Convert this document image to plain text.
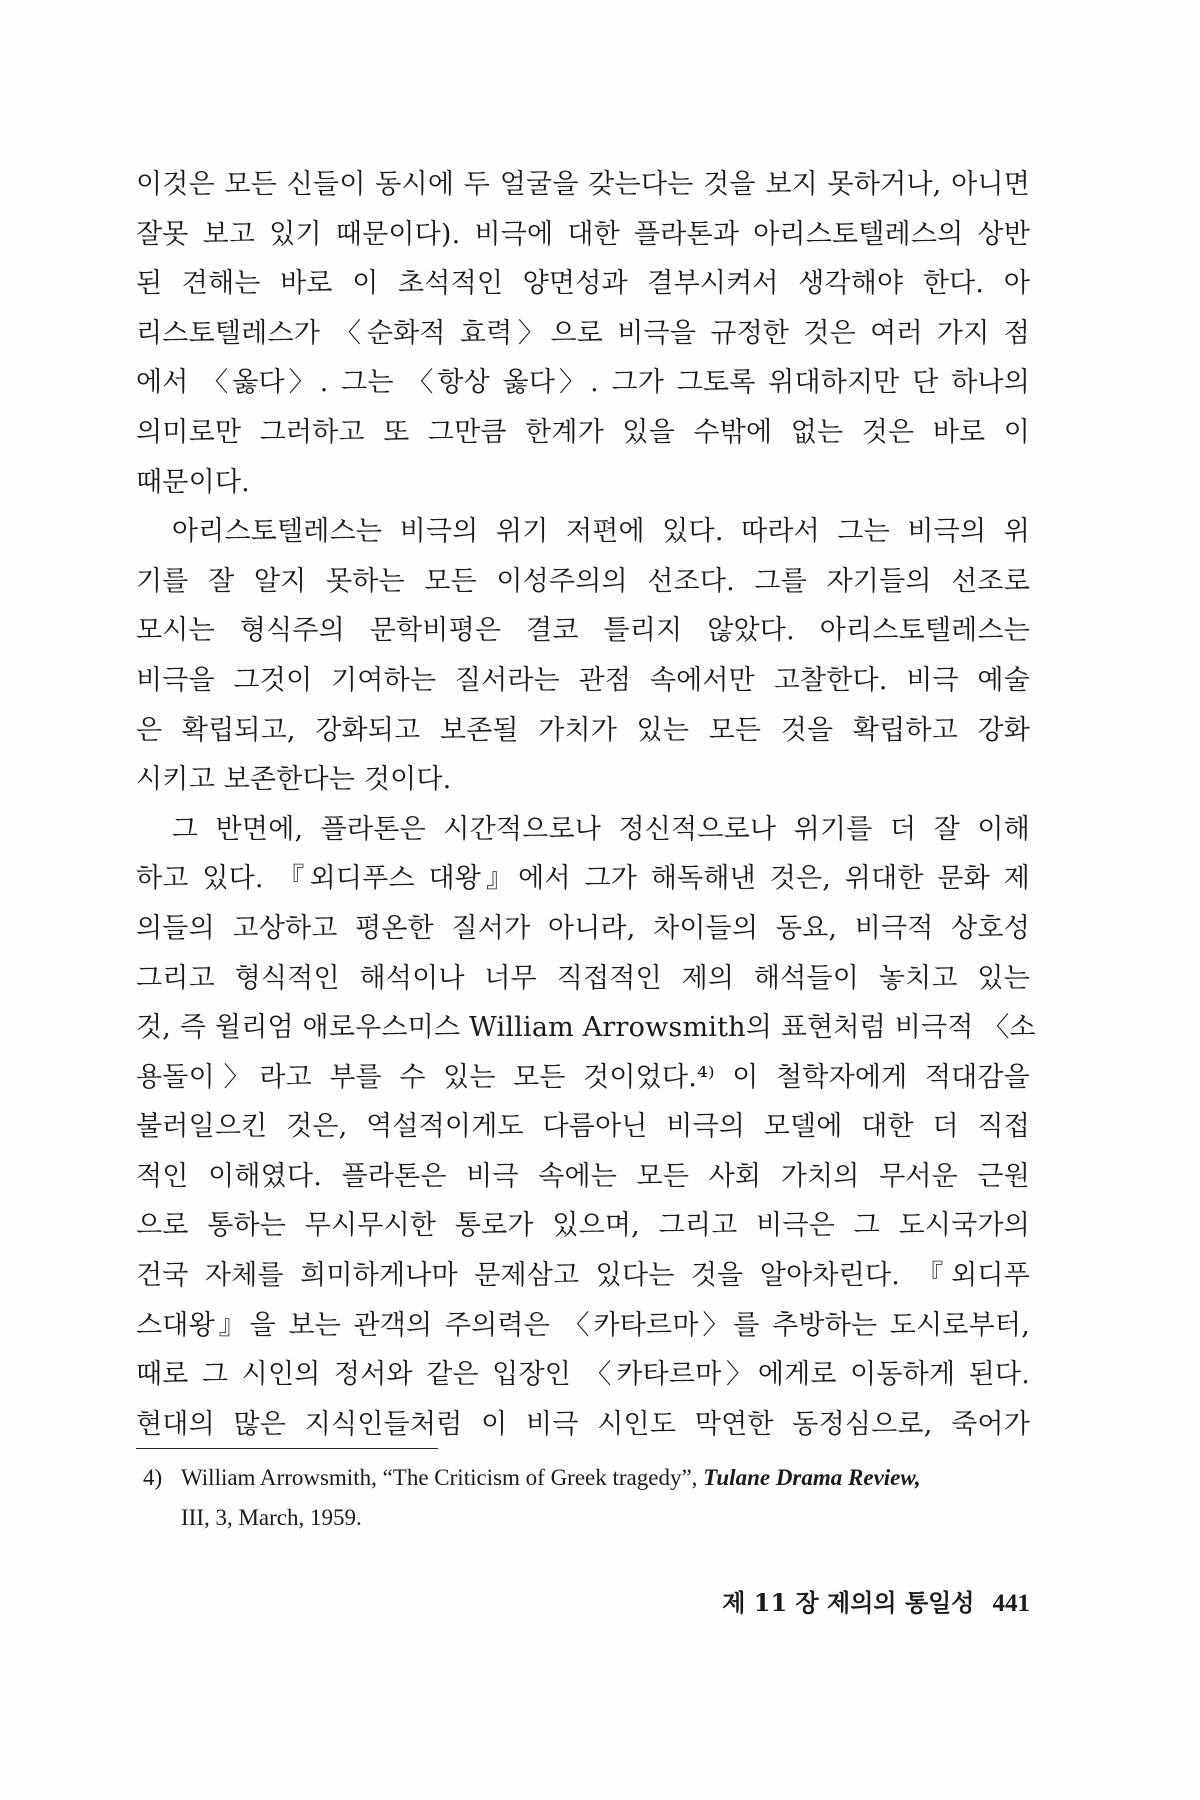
이것은 모든 신들이 동시에 두 얼굴을 갖는다는 것을 보지 못하거나, 아니면
잘못 보고 있기 때문이다). 비극에 대한 플라톤과 아리스토텔레스의 상반
된 견해는 바로 이 초석적인 양면성과 결부시켜서 생각해야 한다. 아
리스토텔레스가 〈순화적 효력〉으로 비극을 규정한 것은 여러 가지 점
에서 〈옳다〉. 그는 〈항상 옳다〉. 그가 그토록 위대하지만 단 하나의
의미로만 그러하고 또 그만큼 한계가 있을 수밖에 없는 것은 바로 이
때문이다.
　아리스토텔레스는 비극의 위기 저편에 있다. 따라서 그는 비극의 위
기를 잘 알지 못하는 모든 이성주의의 선조다. 그를 자기들의 선조로
모시는 형식주의 문학비평은 결코 틀리지 않았다. 아리스토텔레스는
비극을 그것이 기여하는 질서라는 관점 속에서만 고찰한다. 비극 예술
은 확립되고, 강화되고 보존될 가치가 있는 모든 것을 확립하고 강화
시키고 보존한다는 것이다.
　그 반면에, 플라톤은 시간적으로나 정신적으로나 위기를 더 잘 이해
하고 있다. 『외디푸스 대왕』에서 그가 해독해낸 것은, 위대한 문화 제
의들의 고상하고 평온한 질서가 아니라, 차이들의 동요, 비극적 상호성
그리고 형식적인 해석이나 너무 직접적인 제의 해석들이 놓치고 있는
것, 즉 윌리엄 애로우스미스 William Arrowsmith의 표현처럼 비극적 〈소
용돌이〉라고 부를 수 있는 모든 것이었다.⁴⁾ 이 철학자에게 적대감을
불러일으킨 것은, 역설적이게도 다름아닌 비극의 모델에 대한 더 직접
적인 이해였다. 플라톤은 비극 속에는 모든 사회 가치의 무서운 근원
으로 통하는 무시무시한 통로가 있으며, 그리고 비극은 그 도시국가의
건국 자체를 희미하게나마 문제삼고 있다는 것을 알아차린다. 『외디푸
스대왕』을 보는 관객의 주의력은 〈카타르마〉를 추방하는 도시로부터,
때로 그 시인의 정서와 같은 입장인 〈카타르마〉에게로 이동하게 된다.
현대의 많은 지식인들처럼 이 비극 시인도 막연한 동정심으로, 죽어가
4) William Arrowsmith, “The Criticism of Greek tragedy”, Tulane Drama Review,
III, 3, March, 1959.
제 11 장 제의의 통일성 441
